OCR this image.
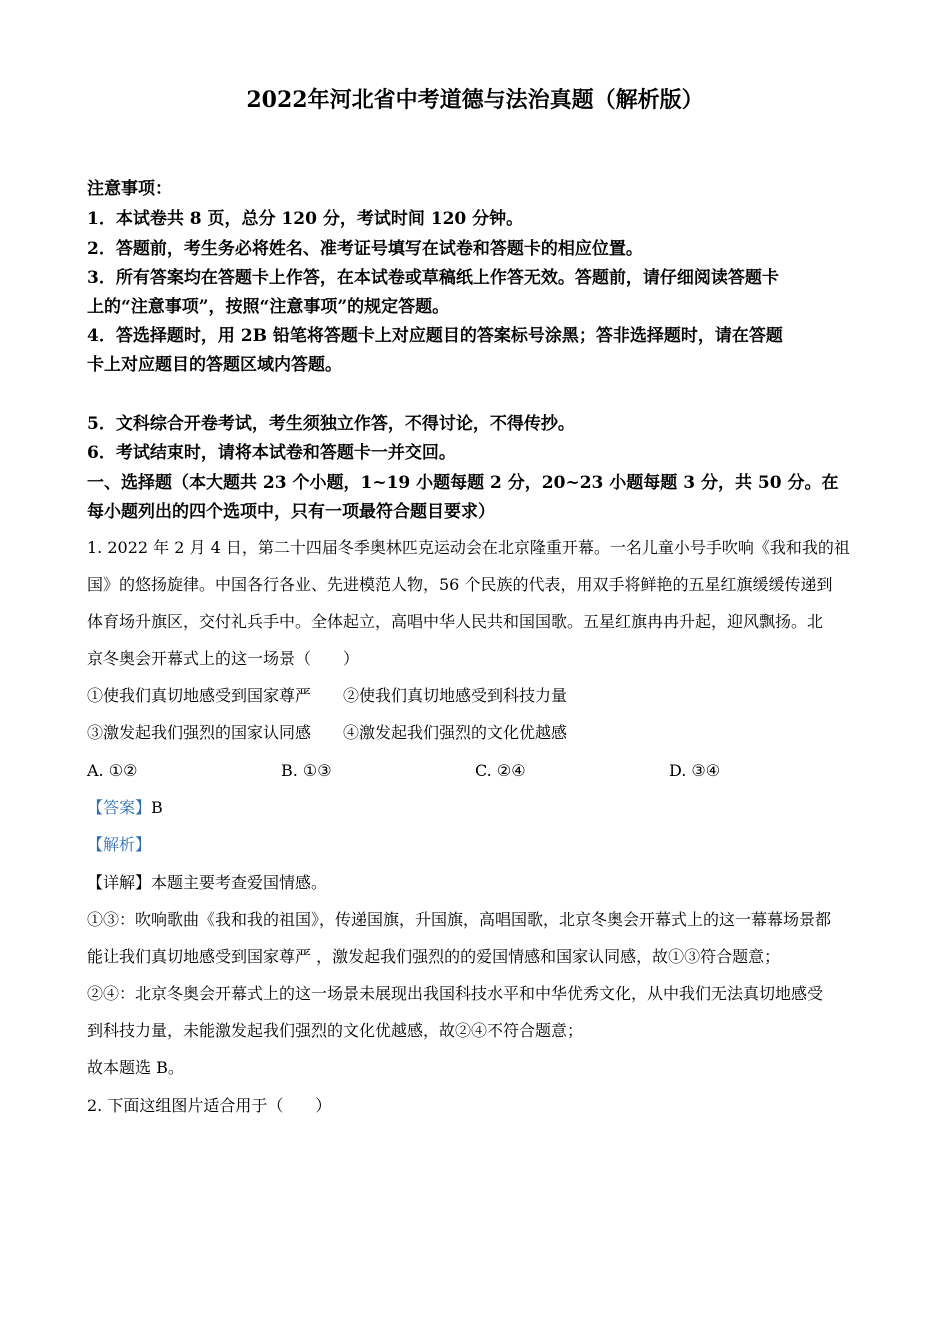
2022年河北省中考道德与法治真题（解析版）
注意事项：
1．本试卷共 8 页，总分 120 分，考试时间 120 分钟。
2．答题前，考生务必将姓名、准考证号填写在试卷和答题卡的相应位置。
3．所有答案均在答题卡上作答，在本试卷或草稿纸上作答无效。答题前，请仔细阅读答题卡
上的“注意事项”，按照“注意事项”的规定答题。
4．答选择题时，用 2B 铅笔将答题卡上对应题目的答案标号涂黑；答非选择题时，请在答题
卡上对应题目的答题区域内答题。
5．文科综合开卷考试，考生须独立作答，不得讨论，不得传抄。
6．考试结束时，请将本试卷和答题卡一并交回。
一、选择题（本大题共 23 个小题，1~19 小题每题 2 分，20~23 小题每题 3 分，共 50 分。在
每小题列出的四个选项中，只有一项最符合题目要求）
1. 2022 年 2 月 4 日，第二十四届冬季奥林匹克运动会在北京隆重开幕。一名儿童小号手吹响《我和我的祖
国》的悠扬旋律。中国各行各业、先进模范人物，56 个民族的代表，用双手将鲜艳的五星红旗缓缓传递到
体育场升旗区，交付礼兵手中。全体起立，高唱中华人民共和国国歌。五星红旗冉冉升起，迎风飘扬。北
京冬奥会开幕式上的这一场景（　　）
①使我们真切地感受到国家尊严　　②使我们真切地感受到科技力量
③激发起我们强烈的国家认同感　　④激发起我们强烈的文化优越感
A. ①②	B. ①③	C. ②④	D. ③④
【答案】B
【解析】
【详解】本题主要考查爱国情感。
①③：吹响歌曲《我和我的祖国》，传递国旗，升国旗，高唱国歌，北京冬奥会开幕式上的这一幕幕场景都
能让我们真切地感受到国家尊严 ，激发起我们强烈的的爱国情感和国家认同感，故①③符合题意；
②④：北京冬奥会开幕式上的这一场景未展现出我国科技水平和中华优秀文化，从中我们无法真切地感受
到科技力量，未能激发起我们强烈的文化优越感，故②④不符合题意；
故本题选 B。
2. 下面这组图片适合用于（　　）
